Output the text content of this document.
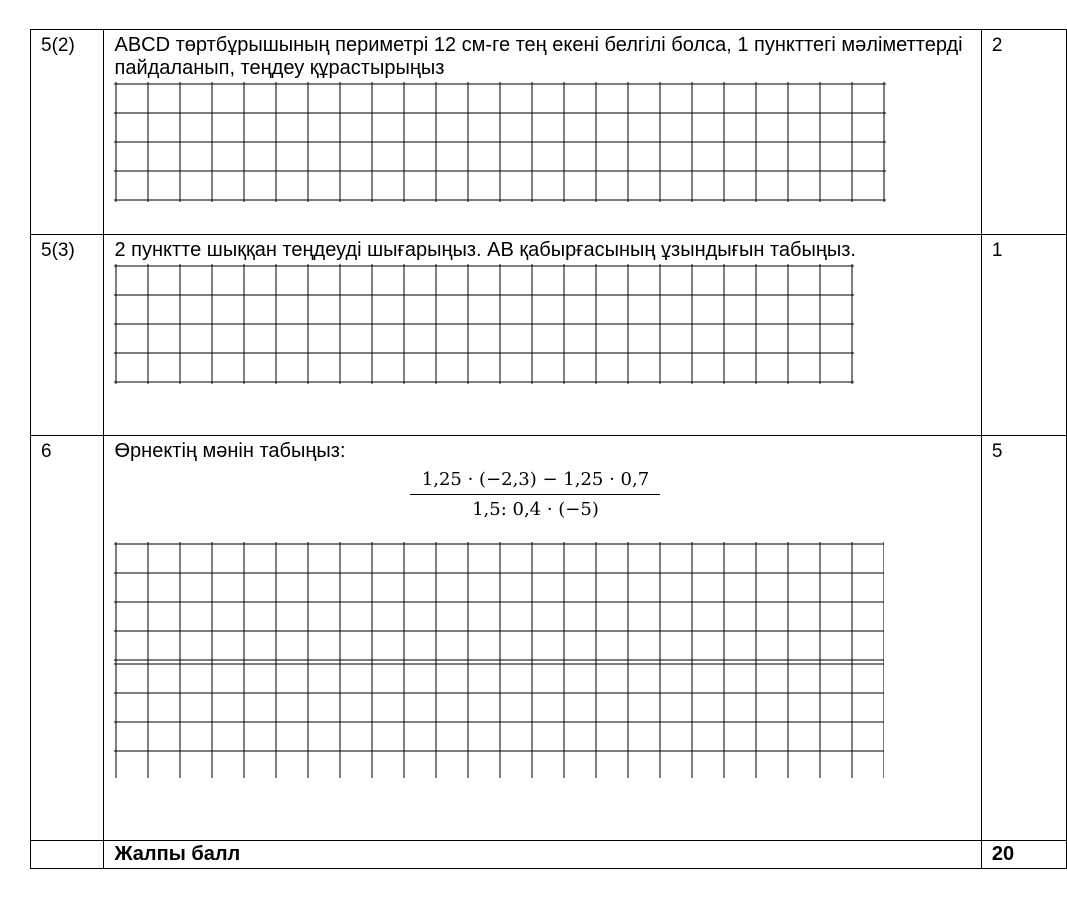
5(2)	ABCD төртбұрышының периметрі 12 см-ге тең екені белгілі болса, 1 пункттегі мәліметтерді пайдаланып, теңдеу құрастырыңыз	2
5(3)	2 пунктте шыққан теңдеуді шығарыңыз. АВ қабырғасының ұзындығын табыңыз.	1
6	Өрнектің мәнін табыңыз:
1,25 · (−2,3) − 1,25 · 0,7
1,5: 0,4 · (−5)	5
	Жалпы балл	20
